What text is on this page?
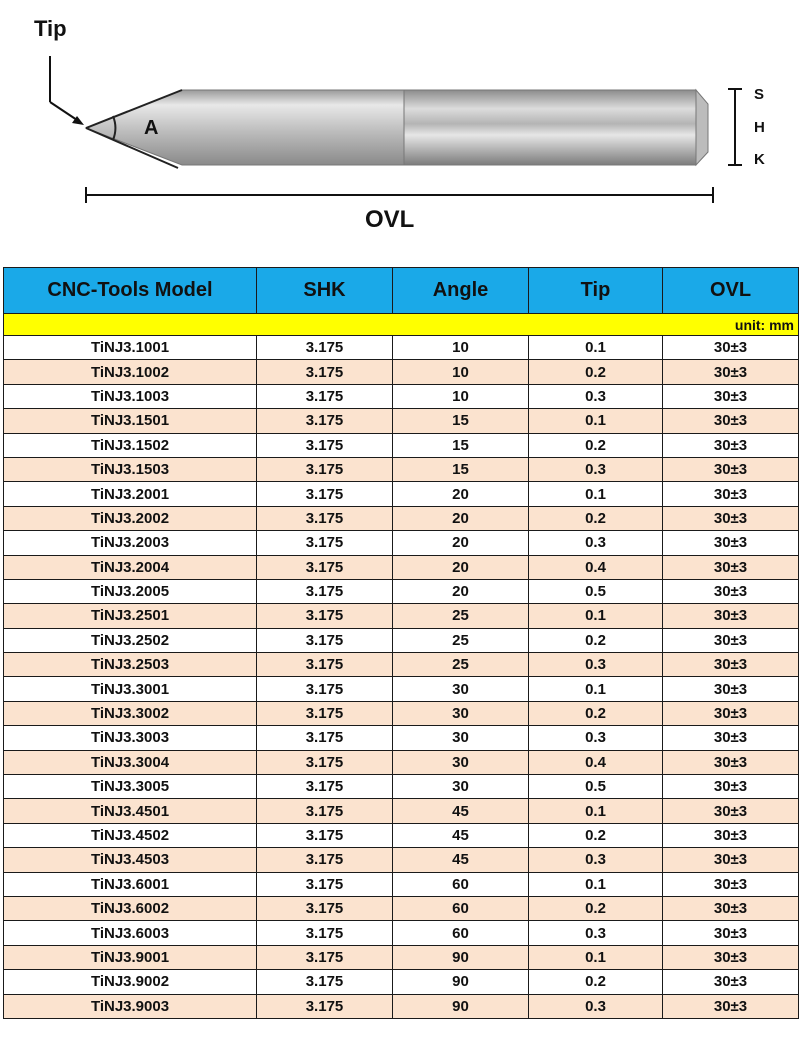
Tip
A
OVL
S
H
K
CNC-Tools Model	SHK	Angle	Tip	OVL
unit: mm				
TiNJ3.1001	3.175	10	0.1	30±3
TiNJ3.1002	3.175	10	0.2	30±3
TiNJ3.1003	3.175	10	0.3	30±3
TiNJ3.1501	3.175	15	0.1	30±3
TiNJ3.1502	3.175	15	0.2	30±3
TiNJ3.1503	3.175	15	0.3	30±3
TiNJ3.2001	3.175	20	0.1	30±3
TiNJ3.2002	3.175	20	0.2	30±3
TiNJ3.2003	3.175	20	0.3	30±3
TiNJ3.2004	3.175	20	0.4	30±3
TiNJ3.2005	3.175	20	0.5	30±3
TiNJ3.2501	3.175	25	0.1	30±3
TiNJ3.2502	3.175	25	0.2	30±3
TiNJ3.2503	3.175	25	0.3	30±3
TiNJ3.3001	3.175	30	0.1	30±3
TiNJ3.3002	3.175	30	0.2	30±3
TiNJ3.3003	3.175	30	0.3	30±3
TiNJ3.3004	3.175	30	0.4	30±3
TiNJ3.3005	3.175	30	0.5	30±3
TiNJ3.4501	3.175	45	0.1	30±3
TiNJ3.4502	3.175	45	0.2	30±3
TiNJ3.4503	3.175	45	0.3	30±3
TiNJ3.6001	3.175	60	0.1	30±3
TiNJ3.6002	3.175	60	0.2	30±3
TiNJ3.6003	3.175	60	0.3	30±3
TiNJ3.9001	3.175	90	0.1	30±3
TiNJ3.9002	3.175	90	0.2	30±3
TiNJ3.9003	3.175	90	0.3	30±3
